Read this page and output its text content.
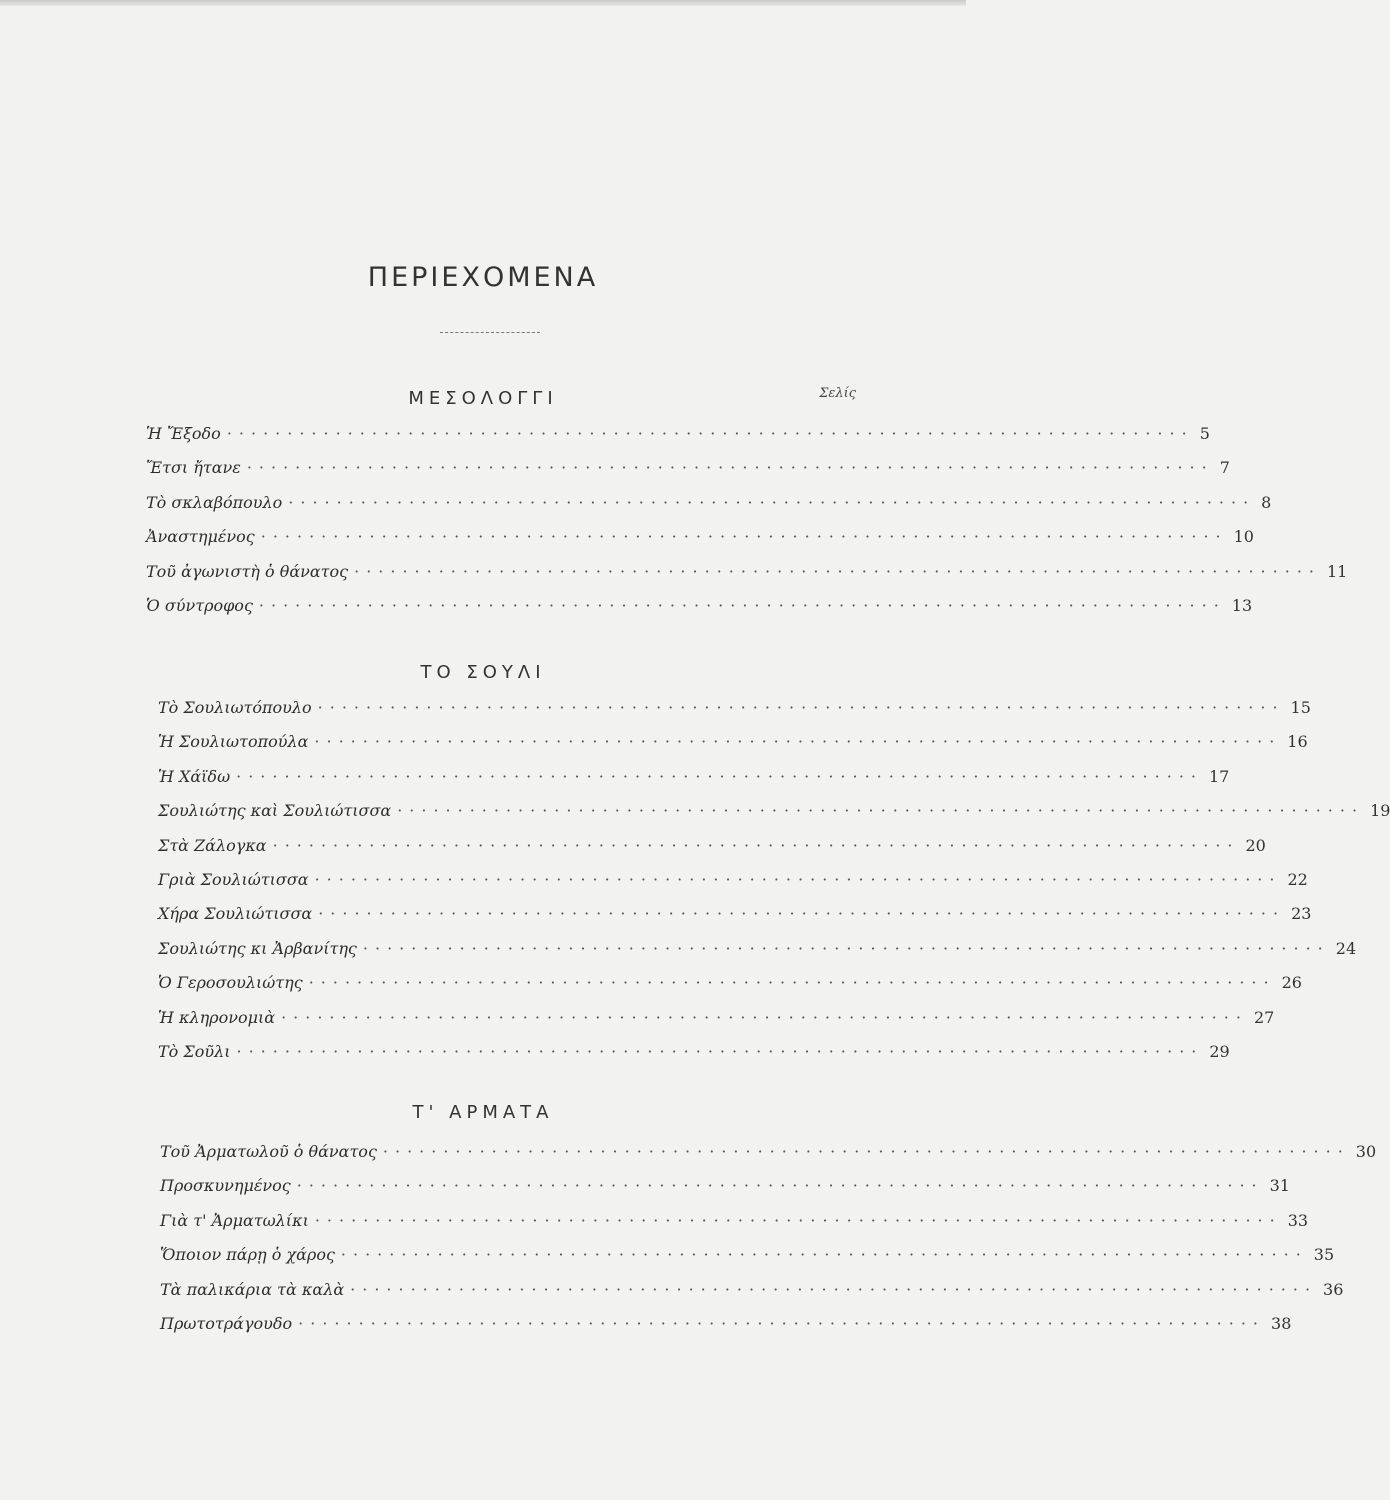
ΠΕΡΙΕΧΟΜΕΝΑ
Σελίς
ΜΕΣΟΛΟΓΓΙ
ΤΟ ΣΟΥΛΙ
Τ' ΑΡΜΑΤΑ
Ἡ Ἔξοδο ················································································ 5
Ἔτσι ἤτανε ················································································ 7
Τὸ σκλαβόπουλο ················································································ 8
Ἀναστημένος ················································································ 10
Τοῦ ἀγωνιστὴ ὁ θάνατος ················································································ 11
Ὁ σύντροφος ················································································ 13
Τὸ Σουλιωτόπουλο ················································································ 15
Ἡ Σουλιωτοπούλα ················································································ 16
Ἡ Χάϊδω ················································································ 17
Σουλιώτης καὶ Σουλιώτισσα ················································································ 19
Στὰ Ζάλογκα ················································································ 20
Γριὰ Σουλιώτισσα ················································································ 22
Χήρα Σουλιώτισσα ················································································ 23
Σουλιώτης κι Ἀρβανίτης ················································································ 24
Ὁ Γεροσουλιώτης ················································································ 26
Ἡ κληρονομιὰ ················································································ 27
Τὸ Σοῦλι ················································································ 29
Τοῦ Ἀρματωλοῦ ὁ θάνατος ················································································ 30
Προσκυνημένος ················································································ 31
Γιὰ τ' Ἀρματωλίκι ················································································ 33
Ὅποιον πάρῃ ὁ χάρος ················································································ 35
Τὰ παλικάρια τὰ καλὰ ················································································ 36
Πρωτοτράγουδο ················································································ 38
